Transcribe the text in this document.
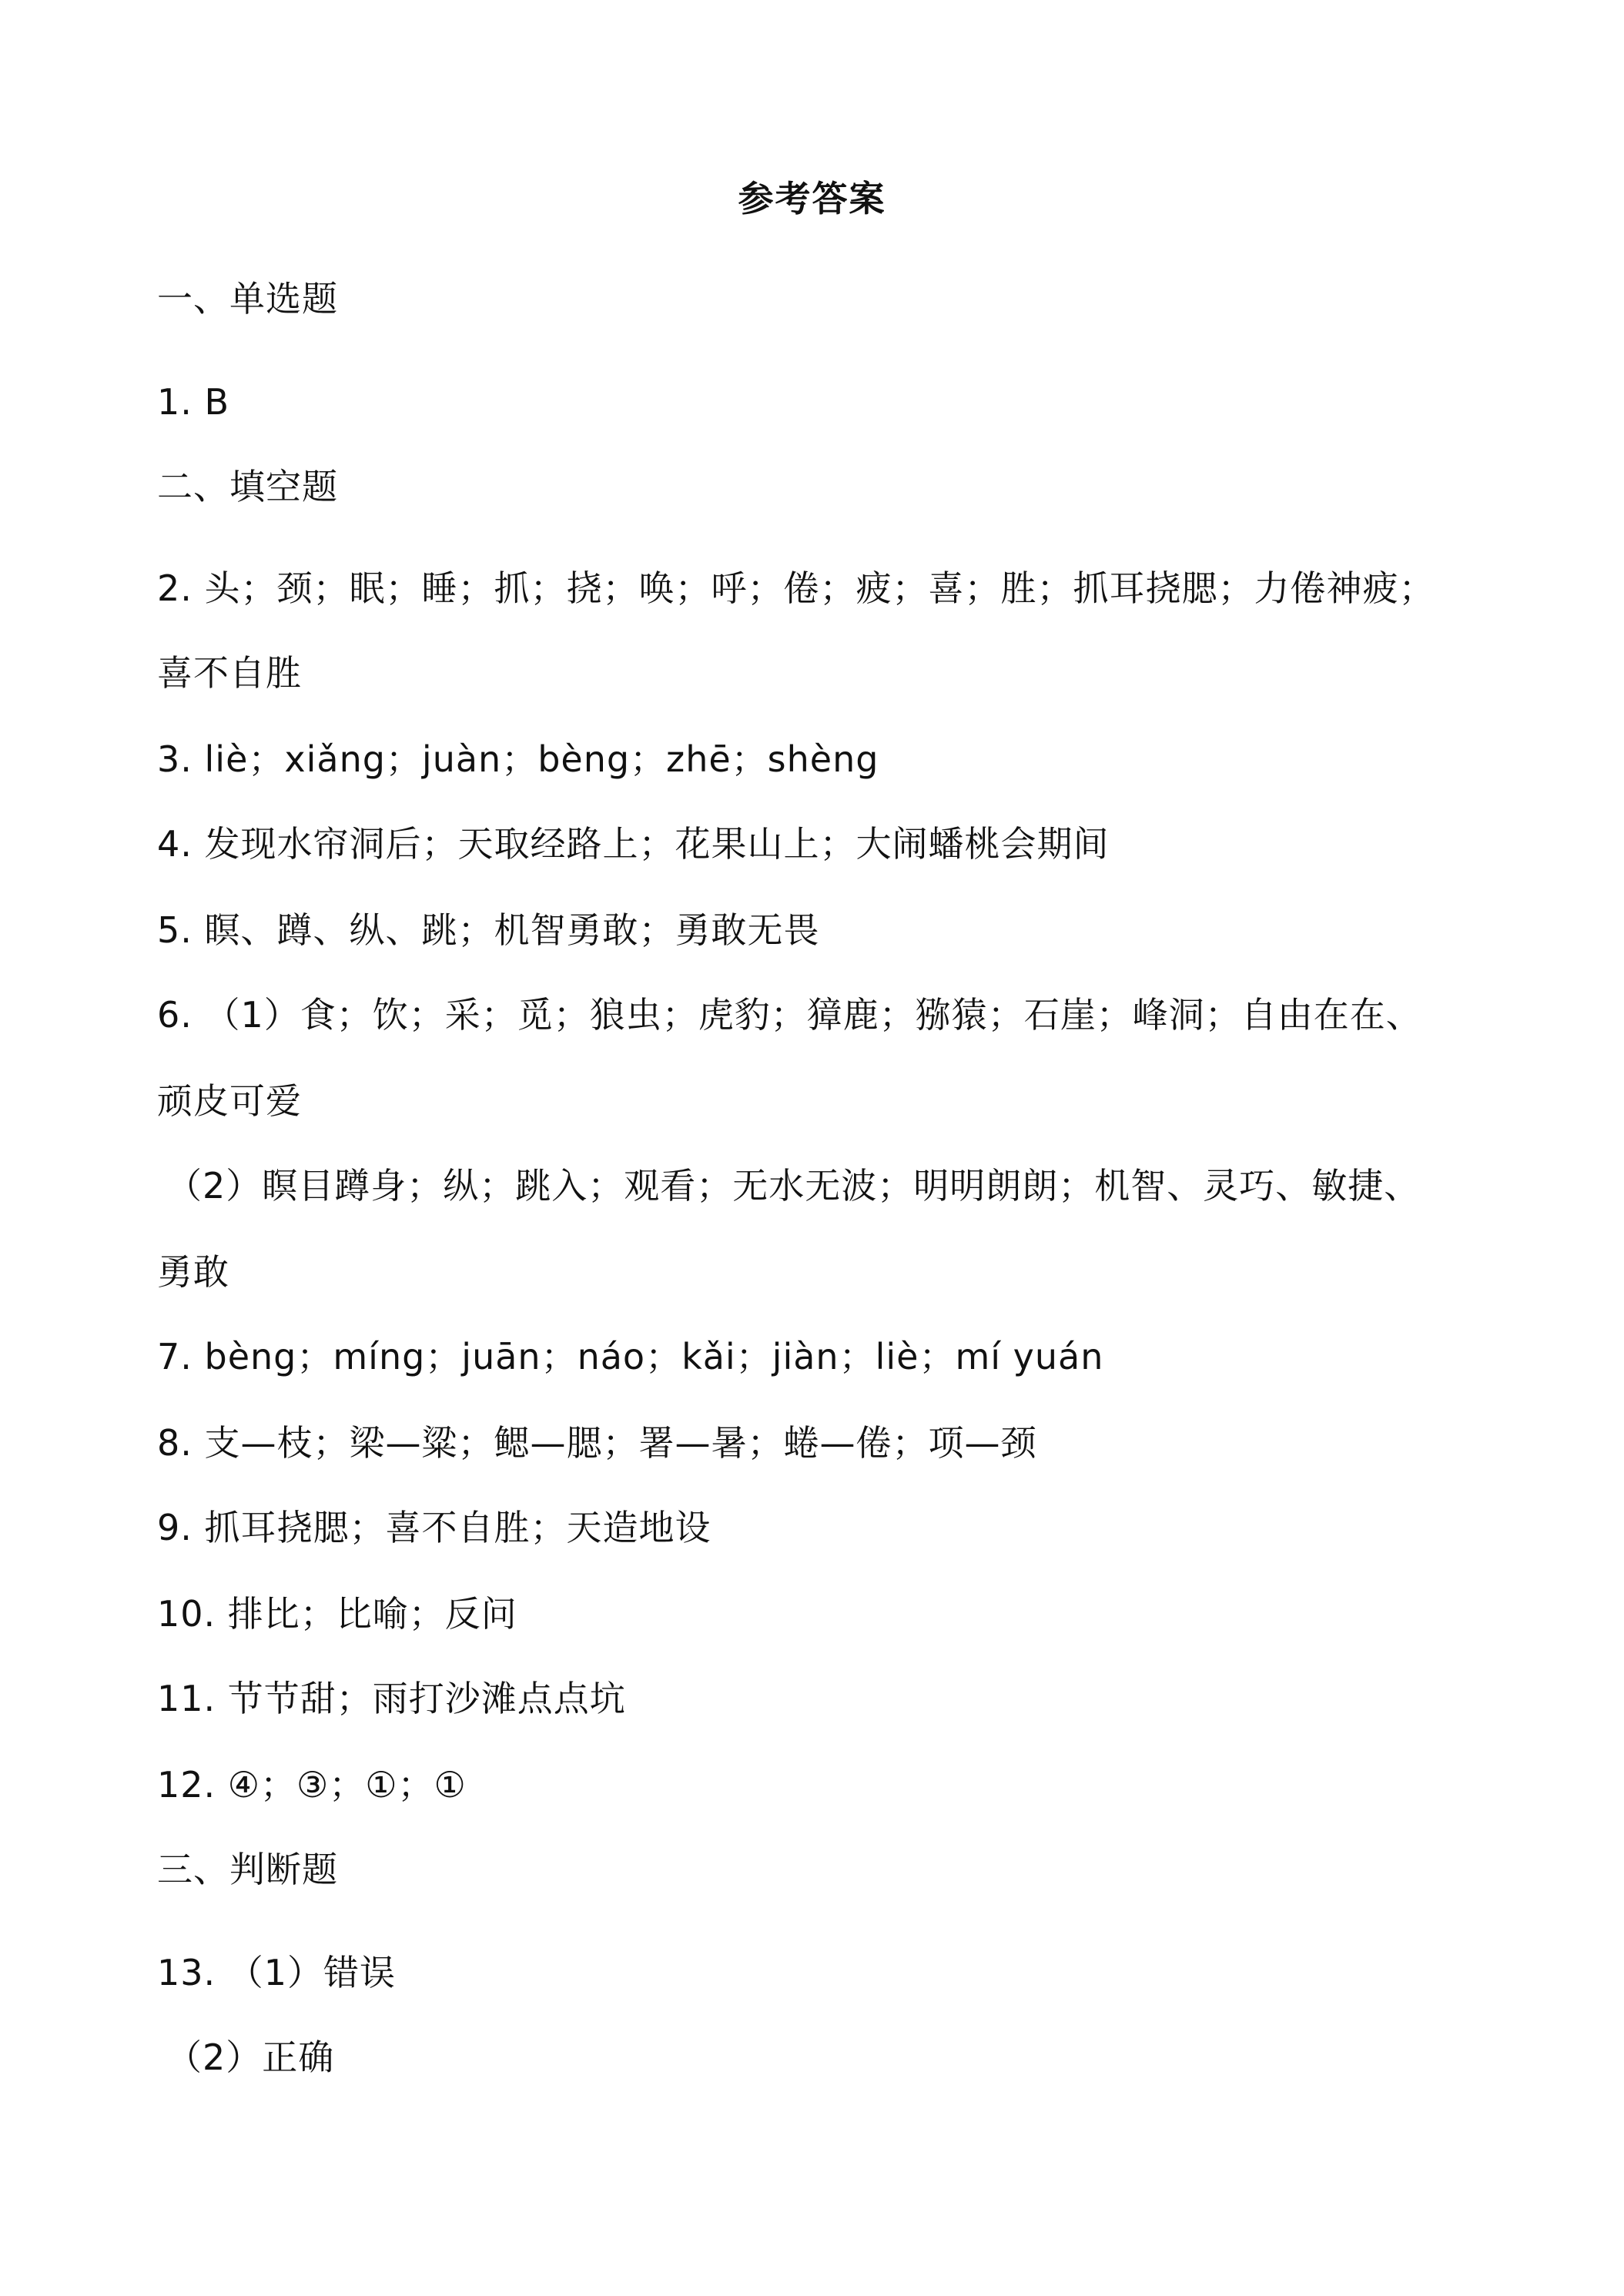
参考答案
一、单选题
1. B
二、填空题
2. 头；颈；眠；睡；抓；挠；唤；呼；倦；疲；喜；胜；抓耳挠腮；力倦神疲；
喜不自胜
3. liè；xiǎng；juàn；bèng；zhē；shèng
4. 发现水帘洞后；天取经路上；花果山上；大闹蟠桃会期间
5. 瞑、蹲、纵、跳；机智勇敢；勇敢无畏
6. （1）食；饮；采；觅；狼虫；虎豹；獐鹿；猕猿；石崖；峰洞；自由在在、
顽皮可爱
（2）瞑目蹲身；纵；跳入；观看；无水无波；明明朗朗；机智、灵巧、敏捷、
勇敢
7. bèng；míng；juān；náo；kǎi；jiàn；liè；mí yuán
8. 支—枝；梁—粱；鳃—腮；署—暑；蜷—倦；项—颈
9. 抓耳挠腮；喜不自胜；天造地设
10. 排比；比喻；反问
11. 节节甜；雨打沙滩点点坑
12. ④；③；①；①
三、判断题
13. （1）错误
（2）正确
